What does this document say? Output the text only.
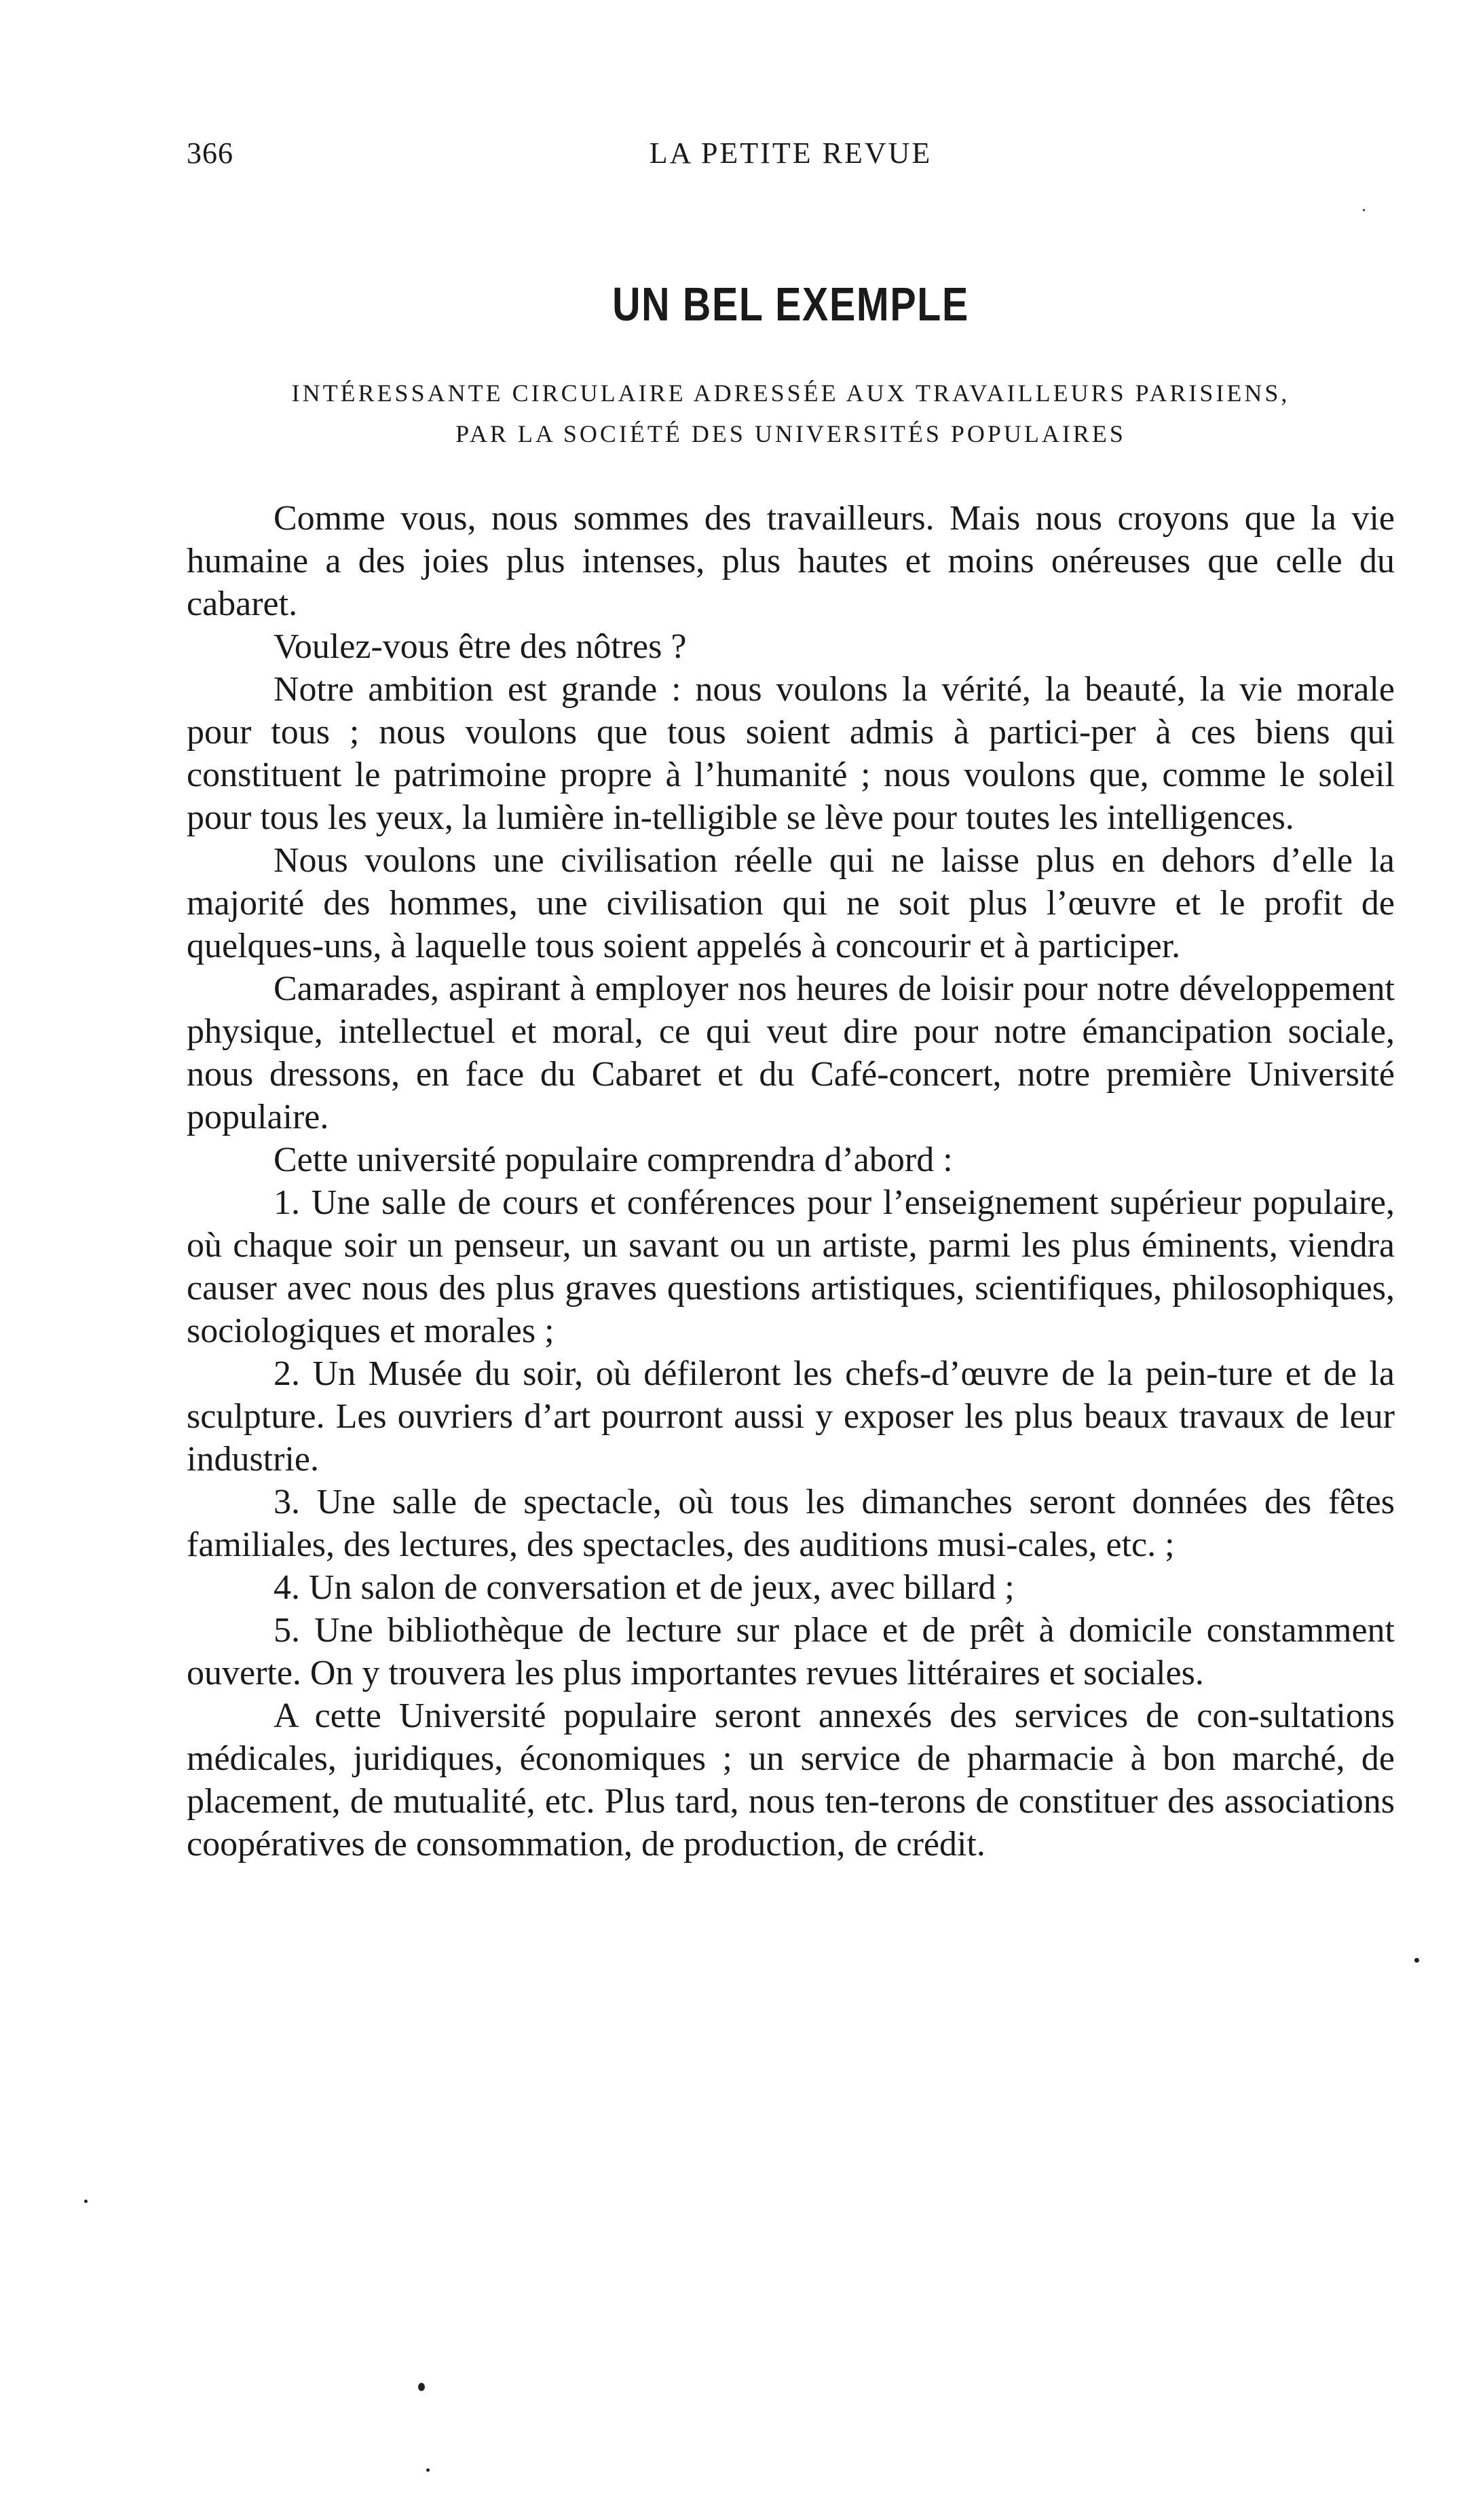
366	LA PETITE REVUE
UN BEL EXEMPLE
INTÉRESSANTE CIRCULAIRE ADRESSÉE AUX TRAVAILLEURS PARISIENS,
PAR LA SOCIÉTÉ DES UNIVERSITÉS POPULAIRES

Comme vous, nous sommes des travailleurs. Mais nous croyons que la vie humaine a des joies plus intenses, plus hautes et moins onéreuses que celle du cabaret.

Voulez-vous être des nôtres ?

Notre ambition est grande : nous voulons la vérité, la beauté, la vie morale pour tous ; nous voulons que tous soient admis à partici-per à ces biens qui constituent le patrimoine propre à l’humanité ; nous voulons que, comme le soleil pour tous les yeux, la lumière in-telligible se lève pour toutes les intelligences.

Nous voulons une civilisation réelle qui ne laisse plus en dehors d’elle la majorité des hommes, une civilisation qui ne soit plus l’œuvre et le profit de quelques-uns, à laquelle tous soient appelés à concourir et à participer.

Camarades, aspirant à employer nos heures de loisir pour notre développement physique, intellectuel et moral, ce qui veut dire pour notre émancipation sociale, nous dressons, en face du Cabaret et du Café-concert, notre première Université populaire.

Cette université populaire comprendra d’abord :

1. Une salle de cours et conférences pour l’enseignement supérieur populaire, où chaque soir un penseur, un savant ou un artiste, parmi les plus éminents, viendra causer avec nous des plus graves questions artistiques, scientifiques, philosophiques, sociologiques et morales ;

2. Un Musée du soir, où défileront les chefs-d’œuvre de la pein-ture et de la sculpture. Les ouvriers d’art pourront aussi y exposer les plus beaux travaux de leur industrie.

3. Une salle de spectacle, où tous les dimanches seront données des fêtes familiales, des lectures, des spectacles, des auditions musi-cales, etc. ;

4. Un salon de conversation et de jeux, avec billard ;

5. Une bibliothèque de lecture sur place et de prêt à domicile constamment ouverte. On y trouvera les plus importantes revues littéraires et sociales.

A cette Université populaire seront annexés des services de con-sultations médicales, juridiques, économiques ; un service de pharmacie à bon marché, de placement, de mutualité, etc. Plus tard, nous ten-terons de constituer des associations coopératives de consommation, de production, de crédit.
